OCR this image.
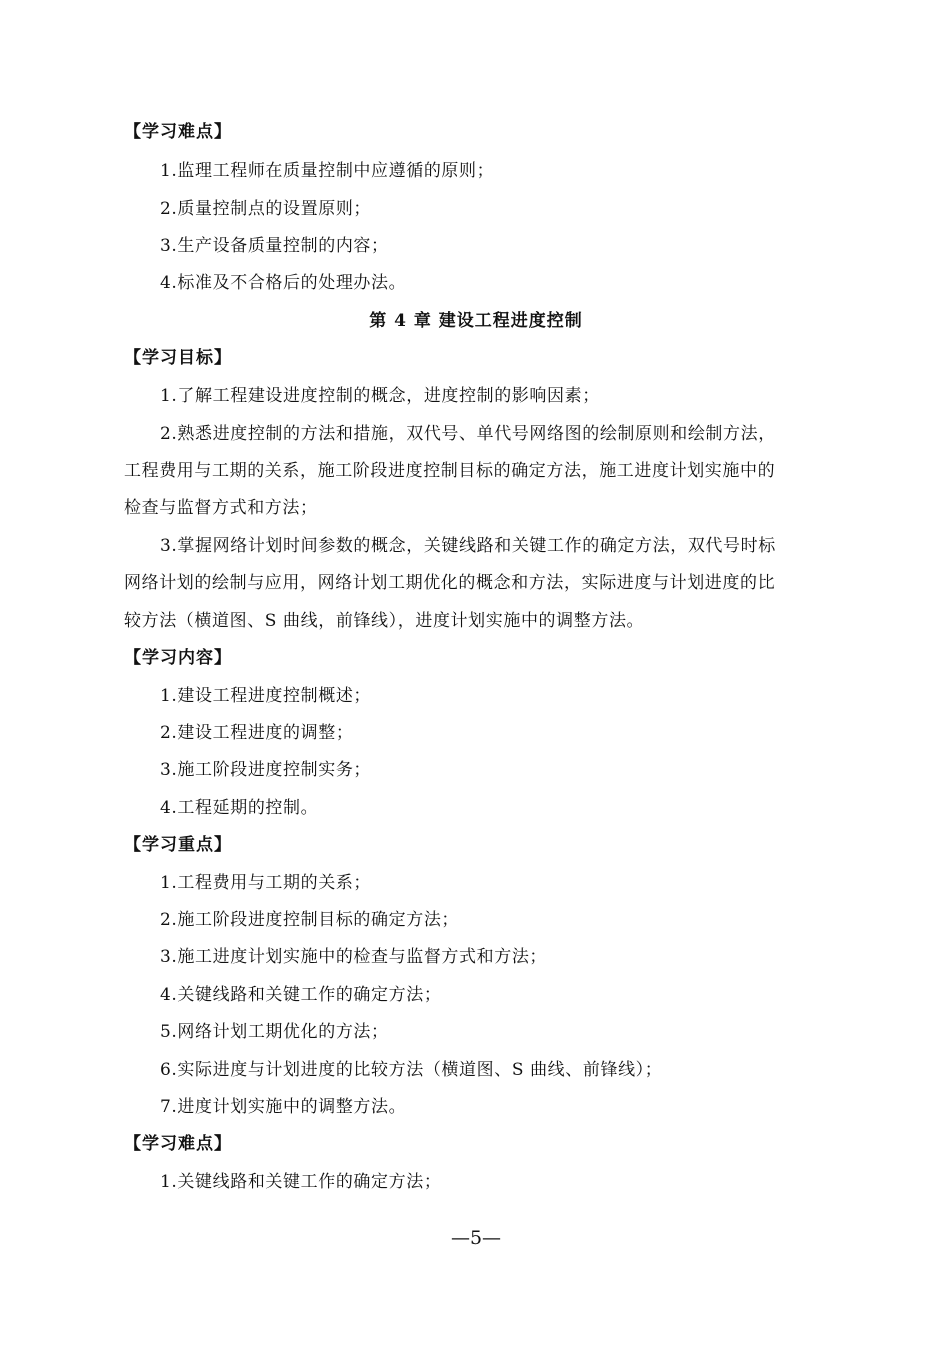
【学习难点】
1.监理工程师在质量控制中应遵循的原则；
2.质量控制点的设置原则；
3.生产设备质量控制的内容；
4.标准及不合格后的处理办法。
第 4 章 建设工程进度控制
【学习目标】
1.了解工程建设进度控制的概念，进度控制的影响因素；
2.熟悉进度控制的方法和措施，双代号、单代号网络图的绘制原则和绘制方法，
工程费用与工期的关系，施工阶段进度控制目标的确定方法，施工进度计划实施中的
检查与监督方式和方法；
3.掌握网络计划时间参数的概念，关键线路和关键工作的确定方法，双代号时标
网络计划的绘制与应用，网络计划工期优化的概念和方法，实际进度与计划进度的比
较方法（横道图、S 曲线，前锋线），进度计划实施中的调整方法。
【学习内容】
1.建设工程进度控制概述；
2.建设工程进度的调整；
3.施工阶段进度控制实务；
4.工程延期的控制。
【学习重点】
1.工程费用与工期的关系；
2.施工阶段进度控制目标的确定方法；
3.施工进度计划实施中的检查与监督方式和方法；
4.关键线路和关键工作的确定方法；
5.网络计划工期优化的方法；
6.实际进度与计划进度的比较方法（横道图、S 曲线、前锋线）；
7.进度计划实施中的调整方法。
【学习难点】
1.关键线路和关键工作的确定方法；
—5—
